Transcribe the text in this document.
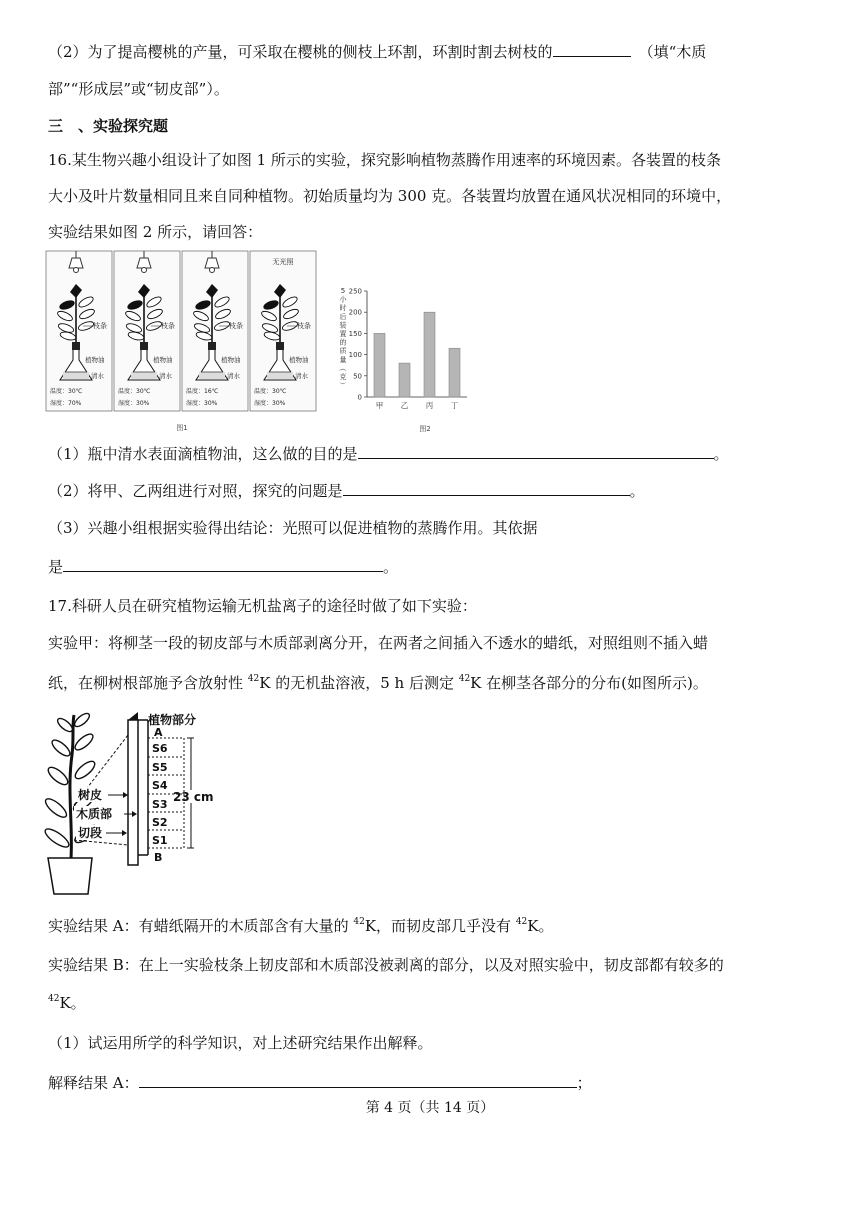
（2）为了提高樱桃的产量，可采取在樱桃的侧枝上环割，环割时割去树枝的	（填“木质
部”“形成层”或“韧皮部”）。
三　、实验探究题
16.某生物兴趣小组设计了如图 1 所示的实验，探究影响植物蒸腾作用速率的环境因素。各装置的枝条
大小及叶片数量相同且来自同种植物。初始质量均为 300 克。各装置均放置在通风状况相同的环境中，
实验结果如图 2 所示，请回答：
枝条
植物油
清水
温度：30℃
湿度：70%
枝条
植物油
清水
温度：30℃
湿度：30%
枝条
植物油
清水
温度：16℃
湿度：30%
无光照
枝条
植物油
清水
温度：30℃
湿度：30%
图1
5
小
时
后
装
置
的
质
量
（
克
）
0
50
100
150
200
250
甲 乙 丙 丁
图2
（1）瓶中清水表面滴植物油，这么做的目的是	。
（2）将甲、乙两组进行对照，探究的问题是	。
（3）兴趣小组根据实验得出结论：光照可以促进植物的蒸腾作用。其依据
是	。
17.科研人员在研究植物运输无机盐离子的途径时做了如下实验：
实验甲：将柳茎一段的韧皮部与木质部剥离分开，在两者之间插入不透水的蜡纸，对照组则不插入蜡
纸，在柳树根部施予含放射性 $^{42}$K 的无机盐溶液，5 h 后测定 $^{42}$K 在柳茎各部分的分布(如图所示)。
植物部分
A
S6
S5
S4
S3
S2
S1
B
23 cm
树皮
木质部
切段
实验结果 A：有蜡纸隔开的木质部含有大量的 $^{42}$K，而韧皮部几乎没有 $^{42}$K。
实验结果 B：在上一实验枝条上韧皮部和木质部没被剥离的部分，以及对照实验中，韧皮部都有较多的
$^{42}$K。
（1）试运用所学的科学知识，对上述研究结果作出解释。
解释结果 A：	；
第 4 页（共 14 页）
